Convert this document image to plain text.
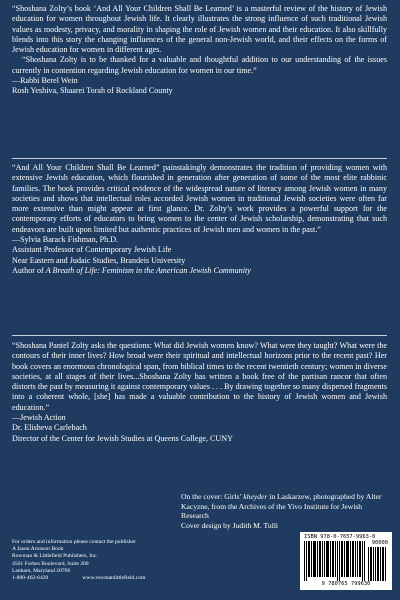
“Shoshana Zolty’s book ‘And All Your Children Shall Be Learned’ is a masterful review of the history of Jewish education for women throughout Jewish life. It clearly illustrates the strong influence of such traditional Jewish values as modesty, privacy, and morality in shaping the role of Jewish women and their education. It also skillfully blends into this story the changing influences of the general non-Jewish world, and their effects on the forms of Jewish education for women in different ages.

“Shoshana Zolty is to be thanked for a valuable and thoughtful addition to our understanding of the issues currently in contention regarding Jewish education for women in our time.”

—Rabbi Berel Wein

Rosh Yeshiva, Shaarei Torah of Rockland County

“And All Your Children Shall Be Learned” painstakingly demonstrates the tradition of providing women with extensive Jewish education, which flourished in generation after generation of some of the most elite rabbinic families. The book provides critical evidence of the widespread nature of literacy among Jewish women in many societies and shows that intellectual roles accorded Jewish women in traditional Jewish societies were often far more extensive than might appear at first glance. Dr. Zolty’s work provides a powerful support for the contemporary efforts of educators to bring women to the center of Jewish scholarship, demonstrating that such endeavors are built upon limited but authentic practices of Jewish men and women in the past.”

—Sylvia Barack Fishman, Ph.D.

Assistant Professor of Contemporary Jewish Life

Near Eastern and Judaic Studies, Brandeis University

Author of A Breath of Life: Feminism in the American Jewish Community

“Shoshana Pantel Zolty asks the questions: What did Jewish women know? What were they taught? What were the contours of their inner lives? How broad were their spiritual and intellectual horizons prior to the recent past? Her book covers an enormous chronological span, from biblical times to the recent twentieth century; women in diverse societies, at all stages of their lives...Shoshana Zolty has written a book free of the partisan rancor that often distorts the past by measuring it against contemporary values . . . By drawing together so many dispersed fragments into a coherent whole, [she] has made a valuable contribution to the history of Jewish women and Jewish education.”

—Jewish Action

Dr. Elisheva Carlebach

Director of the Center for Jewish Studies at Queens College, CUNY

On the cover: Girls’ kheyder in Laskarzew, photographed by Alter Kacyzne, from the Archives of the Yivo Institute for Jewish Research

Cover design by Judith M. Tulli

For orders and information please contact the publisher

A Jason Aronson Book

Rowman & Littlefield Publishers, Inc.

4501 Forbes Boulevard, Suite 200

Lanham, Maryland 20706

1-800-462-6420	www.rowmanlittlefield.com

ISBN 978-0-7657-9963-0
90000
9 780765 799630
